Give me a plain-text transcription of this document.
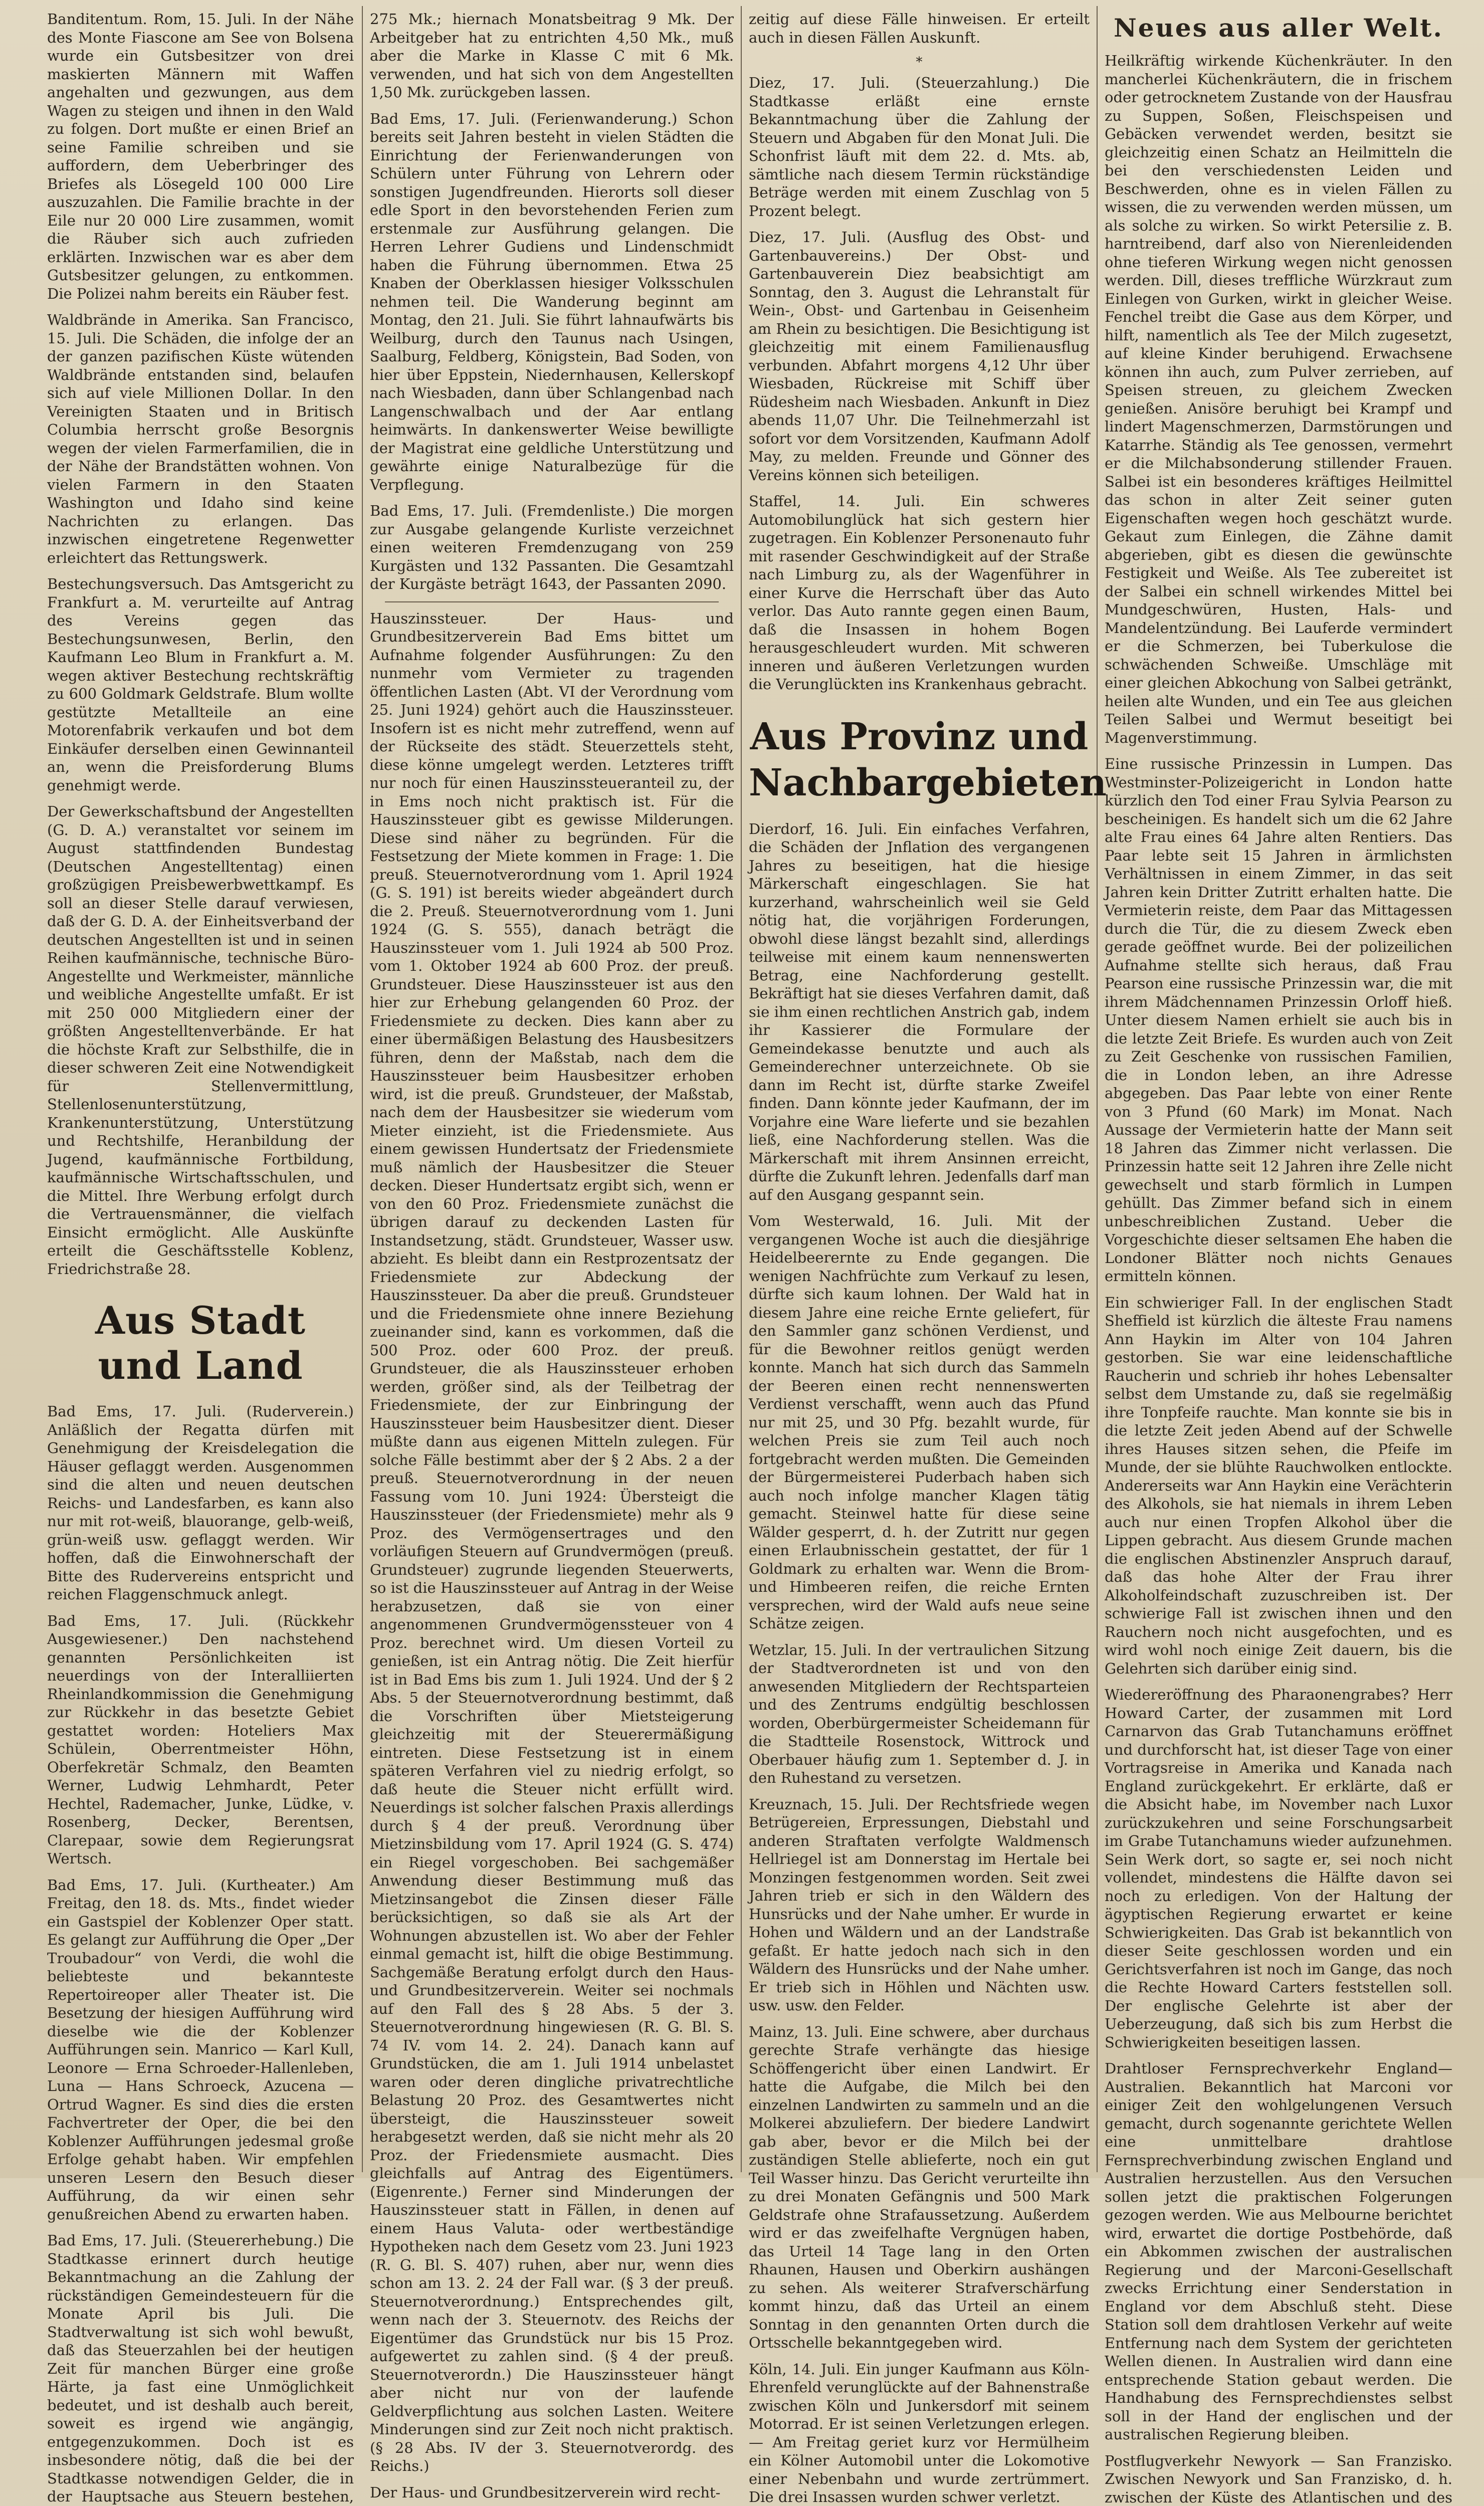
Banditentum. Rom, 15. Juli. In der Nähe des Monte Fiascone am See von Bolsena wurde ein Gutsbesitzer von drei maskierten Männern mit Waffen angehalten und gezwungen, aus dem Wagen zu steigen und ihnen in den Wald zu folgen. Dort mußte er einen Brief an seine Familie schreiben und sie auffordern, dem Ueberbringer des Briefes als Lösegeld 100 000 Lire auszuzahlen. Die Familie brachte in der Eile nur 20 000 Lire zusammen, womit die Räuber sich auch zufrieden erklärten. Inzwischen war es aber dem Gutsbesitzer gelungen, zu entkommen. Die Polizei nahm bereits ein Räuber fest.

Waldbrände in Amerika. San Francisco, 15. Juli. Die Schäden, die infolge der an der ganzen pazifischen Küste wütenden Waldbrände entstanden sind, belaufen sich auf viele Millionen Dollar. In den Vereinigten Staaten und in Britisch Columbia herrscht große Besorgnis wegen der vielen Farmerfamilien, die in der Nähe der Brandstätten wohnen. Von vielen Farmern in den Staaten Washington und Idaho sind keine Nachrichten zu erlangen. Das inzwischen eingetretene Regenwetter erleichtert das Rettungswerk.

Bestechungsversuch. Das Amtsgericht zu Frankfurt a. M. verurteilte auf Antrag des Vereins gegen das Bestechungsunwesen, Berlin, den Kaufmann Leo Blum in Frankfurt a. M. wegen aktiver Bestechung rechtskräftig zu 600 Goldmark Geldstrafe. Blum wollte gestützte Metallteile an eine Motorenfabrik verkaufen und bot dem Einkäufer derselben einen Gewinnanteil an, wenn die Preisforderung Blums genehmigt werde.

Der Gewerkschaftsbund der Angestellten (G. D. A.) veranstaltet vor seinem im August stattfindenden Bundestag (Deutschen Angestelltentag) einen großzügigen Preisbewerbwettkampf. Es soll an dieser Stelle darauf verwiesen, daß der G. D. A. der Einheitsverband der deutschen Angestellten ist und in seinen Reihen kaufmännische, technische Büro-Angestellte und Werkmeister, männliche und weibliche Angestellte umfaßt. Er ist mit 250 000 Mitgliedern einer der größten Angestelltenverbände. Er hat die höchste Kraft zur Selbsthilfe, die in dieser schweren Zeit eine Notwendigkeit für Stellenvermittlung, Stellenlosenunterstützung, Krankenunterstützung, Unterstützung und Rechtshilfe, Heranbildung der Jugend, kaufmännische Fortbildung, kaufmännische Wirtschaftsschulen, und die Mittel. Ihre Werbung erfolgt durch die Vertrauensmänner, die vielfach Einsicht ermöglicht. Alle Auskünfte erteilt die Geschäftsstelle Koblenz, Friedrichstraße 28.

Aus Stadt und Land

Bad Ems, 17. Juli. (Ruderverein.) Anläßlich der Regatta dürfen mit Genehmigung der Kreisdelegation die Häuser geflaggt werden. Ausgenommen sind die alten und neuen deutschen Reichs- und Landesfarben, es kann also nur mit rot-weiß, blauorange, gelb-weiß, grün-weiß usw. geflaggt werden. Wir hoffen, daß die Einwohnerschaft der Bitte des Rudervereins entspricht und reichen Flaggenschmuck anlegt.

Bad Ems, 17. Juli. (Rückkehr Ausgewiesener.) Den nachstehend genannten Persönlichkeiten ist neuerdings von der Interalliierten Rheinlandkommission die Genehmigung zur Rückkehr in das besetzte Gebiet gestattet worden: Hoteliers Max Schülein, Oberrentmeister Höhn, Oberfekretär Schmalz, den Beamten Werner, Ludwig Lehmhardt, Peter Hechtel, Rademacher, Junke, Lüdke, v. Rosenberg, Decker, Berentsen, Clarepaar, sowie dem Regierungsrat Wertsch.

Bad Ems, 17. Juli. (Kurtheater.) Am Freitag, den 18. ds. Mts., findet wieder ein Gastspiel der Koblenzer Oper statt. Es gelangt zur Aufführung die Oper „Der Troubadour“ von Verdi, die wohl die beliebteste und bekannteste Repertoireoper aller Theater ist. Die Besetzung der hiesigen Aufführung wird dieselbe wie die der Koblenzer Aufführungen sein. Manrico — Karl Kull, Leonore — Erna Schroeder-Hallenleben, Luna — Hans Schroeck, Azucena — Ortrud Wagner. Es sind dies die ersten Fachvertreter der Oper, die bei den Koblenzer Aufführungen jedesmal große Erfolge gehabt haben. Wir empfehlen unseren Lesern den Besuch dieser Aufführung, da wir einen sehr genußreichen Abend zu erwarten haben.

Bad Ems, 17. Juli. (Steuererhebung.) Die Stadtkasse erinnert durch heutige Bekanntmachung an die Zahlung der rückständigen Gemeindesteuern für die Monate April bis Juli. Die Stadtverwaltung ist sich wohl bewußt, daß das Steuerzahlen bei der heutigen Zeit für manchen Bürger eine große Härte, ja fast eine Unmöglichkeit bedeutet, und ist deshalb auch bereit, soweit es irgend wie angängig, entgegenzukommen. Doch ist es insbesondere nötig, daß die bei der Stadtkasse notwendigen Gelder, die in der Hauptsache aus Steuern bestehen,

275 Mk.; hiernach Monatsbeitrag 9 Mk. Der Arbeitgeber hat zu entrichten 4,50 Mk., muß aber die Marke in Klasse C mit 6 Mk. verwenden, und hat sich von dem Angestellten 1,50 Mk. zurückgeben lassen.

Bad Ems, 17. Juli. (Ferienwanderung.) Schon bereits seit Jahren besteht in vielen Städten die Einrichtung der Ferienwanderungen von Schülern unter Führung von Lehrern oder sonstigen Jugendfreunden. Hierorts soll dieser edle Sport in den bevorstehenden Ferien zum erstenmale zur Ausführung gelangen. Die Herren Lehrer Gudiens und Lindenschmidt haben die Führung übernommen. Etwa 25 Knaben der Oberklassen hiesiger Volksschulen nehmen teil. Die Wanderung beginnt am Montag, den 21. Juli. Sie führt lahnaufwärts bis Weilburg, durch den Taunus nach Usingen, Saalburg, Feldberg, Königstein, Bad Soden, von hier über Eppstein, Niedernhausen, Kellerskopf nach Wiesbaden, dann über Schlangenbad nach Langenschwalbach und der Aar entlang heimwärts. In dankenswerter Weise bewilligte der Magistrat eine geldliche Unterstützung und gewährte einige Naturalbezüge für die Verpflegung.

Bad Ems, 17. Juli. (Fremdenliste.) Die morgen zur Ausgabe gelangende Kurliste verzeichnet einen weiteren Fremdenzugang von 259 Kurgästen und 132 Passanten. Die Gesamtzahl der Kurgäste beträgt 1643, der Passanten 2090.

Hauszinssteuer. Der Haus- und Grundbesitzerverein Bad Ems bittet um Aufnahme folgender Ausführungen: Zu den nunmehr vom Vermieter zu tragenden öffentlichen Lasten (Abt. VI der Verordnung vom 25. Juni 1924) gehört auch die Hauszinssteuer. Insofern ist es nicht mehr zutreffend, wenn auf der Rückseite des städt. Steuerzettels steht, diese könne umgelegt werden. Letzteres trifft nur noch für einen Hauszinssteueranteil zu, der in Ems noch nicht praktisch ist. Für die Hauszinssteuer gibt es gewisse Milderungen. Diese sind näher zu begründen. Für die Festsetzung der Miete kommen in Frage: 1. Die preuß. Steuernotverordnung vom 1. April 1924 (G. S. 191) ist bereits wieder abgeändert durch die 2. Preuß. Steuernotverordnung vom 1. Juni 1924 (G. S. 555), danach beträgt die Hauszinssteuer vom 1. Juli 1924 ab 500 Proz. vom 1. Oktober 1924 ab 600 Proz. der preuß. Grundsteuer. Diese Hauszinssteuer ist aus den hier zur Erhebung gelangenden 60 Proz. der Friedensmiete zu decken. Dies kann aber zu einer übermäßigen Belastung des Hausbesitzers führen, denn der Maßstab, nach dem die Hauszinssteuer beim Hausbesitzer erhoben wird, ist die preuß. Grundsteuer, der Maßstab, nach dem der Hausbesitzer sie wiederum vom Mieter einzieht, ist die Friedensmiete. Aus einem gewissen Hundertsatz der Friedensmiete muß nämlich der Hausbesitzer die Steuer decken. Dieser Hundertsatz ergibt sich, wenn er von den 60 Proz. Friedensmiete zunächst die übrigen darauf zu deckenden Lasten für Instandsetzung, städt. Grundsteuer, Wasser usw. abzieht. Es bleibt dann ein Restprozentsatz der Friedensmiete zur Abdeckung der Hauszinssteuer. Da aber die preuß. Grundsteuer und die Friedensmiete ohne innere Beziehung zueinander sind, kann es vorkommen, daß die 500 Proz. oder 600 Proz. der preuß. Grundsteuer, die als Hauszinssteuer erhoben werden, größer sind, als der Teilbetrag der Friedensmiete, der zur Einbringung der Hauszinssteuer beim Hausbesitzer dient. Dieser müßte dann aus eigenen Mitteln zulegen. Für solche Fälle bestimmt aber der § 2 Abs. 2 a der preuß. Steuernotverordnung in der neuen Fassung vom 10. Juni 1924: Übersteigt die Hauszinssteuer (der Friedensmiete) mehr als 9 Proz. des Vermögensertrages und den vorläufigen Steuern auf Grundvermögen (preuß. Grundsteuer) zugrunde liegenden Steuerwerts, so ist die Hauszinssteuer auf Antrag in der Weise herabzusetzen, daß sie von einer angenommenen Grundvermögenssteuer von 4 Proz. berechnet wird. Um diesen Vorteil zu genießen, ist ein Antrag nötig. Die Zeit hierfür ist in Bad Ems bis zum 1. Juli 1924. Und der § 2 Abs. 5 der Steuernotverordnung bestimmt, daß die Vorschriften über Mietsteigerung gleichzeitig mit der Steuerermäßigung eintreten. Diese Festsetzung ist in einem späteren Verfahren viel zu niedrig erfolgt, so daß heute die Steuer nicht erfüllt wird. Neuerdings ist solcher falschen Praxis allerdings durch § 4 der preuß. Verordnung über Mietzinsbildung vom 17. April 1924 (G. S. 474) ein Riegel vorgeschoben. Bei sachgemäßer Anwendung dieser Bestimmung muß das Mietzinsangebot die Zinsen dieser Fälle berücksichtigen, so daß sie als Art der Wohnungen abzustellen ist. Wo aber der Fehler einmal gemacht ist, hilft die obige Bestimmung. Sachgemäße Beratung erfolgt durch den Haus- und Grundbesitzerverein. Weiter sei nochmals auf den Fall des § 28 Abs. 5 der 3. Steuernotverordnung hingewiesen (R. G. Bl. S. 74 IV. vom 14. 2. 24). Danach kann auf Grundstücken, die am 1. Juli 1914 unbelastet waren oder deren dingliche privatrechtliche Belastung 20 Proz. des Gesamtwertes nicht übersteigt, die Hauszinssteuer soweit herabgesetzt werden, daß sie nicht mehr als 20 Proz. der Friedensmiete ausmacht. Dies gleichfalls auf Antrag des Eigentümers. (Eigenrente.) Ferner sind Minderungen der Hauszinssteuer statt in Fällen, in denen auf einem Haus Valuta- oder wertbeständige Hypotheken nach dem Gesetz vom 23. Juni 1923 (R. G. Bl. S. 407) ruhen, aber nur, wenn dies schon am 13. 2. 24 der Fall war. (§ 3 der preuß. Steuernotverordnung.) Entsprechendes gilt, wenn nach der 3. Steuernotv. des Reichs der Eigentümer das Grundstück nur bis 15 Proz. aufgewertet zu zahlen sind. (§ 4 der preuß. Steuernotverordn.) Die Hauszinssteuer hängt aber nicht nur von der laufende Geldverpflichtung aus solchen Lasten. Weitere Minderungen sind zur Zeit noch nicht praktisch. (§ 28 Abs. IV der 3. Steuernotverordg. des Reichs.)

Der Haus- und Grundbesitzerverein wird recht-

zeitig auf diese Fälle hinweisen. Er erteilt auch in diesen Fällen Auskunft.

*

Diez, 17. Juli. (Steuerzahlung.) Die Stadtkasse erläßt eine ernste Bekanntmachung über die Zahlung der Steuern und Abgaben für den Monat Juli. Die Schonfrist läuft mit dem 22. d. Mts. ab, sämtliche nach diesem Termin rückständige Beträge werden mit einem Zuschlag von 5 Prozent belegt.

Diez, 17. Juli. (Ausflug des Obst- und Gartenbauvereins.) Der Obst- und Gartenbauverein Diez beabsichtigt am Sonntag, den 3. August die Lehranstalt für Wein-, Obst- und Gartenbau in Geisenheim am Rhein zu besichtigen. Die Besichtigung ist gleichzeitig mit einem Familienausflug verbunden. Abfahrt morgens 4,12 Uhr über Wiesbaden, Rückreise mit Schiff über Rüdesheim nach Wiesbaden. Ankunft in Diez abends 11,07 Uhr. Die Teilnehmerzahl ist sofort vor dem Vorsitzenden, Kaufmann Adolf May, zu melden. Freunde und Gönner des Vereins können sich beteiligen.

Staffel, 14. Juli. Ein schweres Automobilunglück hat sich gestern hier zugetragen. Ein Koblenzer Personenauto fuhr mit rasender Geschwindigkeit auf der Straße nach Limburg zu, als der Wagenführer in einer Kurve die Herrschaft über das Auto verlor. Das Auto rannte gegen einen Baum, daß die Insassen in hohem Bogen herausgeschleudert wurden. Mit schweren inneren und äußeren Verletzungen wurden die Verunglückten ins Krankenhaus gebracht.

Aus Provinz und Nachbargebieten

Dierdorf, 16. Juli. Ein einfaches Verfahren, die Schäden der Jnflation des vergangenen Jahres zu beseitigen, hat die hiesige Märkerschaft eingeschlagen. Sie hat kurzerhand, wahrscheinlich weil sie Geld nötig hat, die vorjährigen Forderungen, obwohl diese längst bezahlt sind, allerdings teilweise mit einem kaum nennenswerten Betrag, eine Nachforderung gestellt. Bekräftigt hat sie dieses Verfahren damit, daß sie ihm einen rechtlichen Anstrich gab, indem ihr Kassierer die Formulare der Gemeindekasse benutzte und auch als Gemeinderechner unterzeichnete. Ob sie dann im Recht ist, dürfte starke Zweifel finden. Dann könnte jeder Kaufmann, der im Vorjahre eine Ware lieferte und sie bezahlen ließ, eine Nachforderung stellen. Was die Märkerschaft mit ihrem Ansinnen erreicht, dürfte die Zukunft lehren. Jedenfalls darf man auf den Ausgang gespannt sein.

Vom Westerwald, 16. Juli. Mit der vergangenen Woche ist auch die diesjährige Heidelbeerernte zu Ende gegangen. Die wenigen Nachfrüchte zum Verkauf zu lesen, dürfte sich kaum lohnen. Der Wald hat in diesem Jahre eine reiche Ernte geliefert, für den Sammler ganz schönen Verdienst, und für die Bewohner reitlos genügt werden konnte. Manch hat sich durch das Sammeln der Beeren einen recht nennenswerten Verdienst verschafft, wenn auch das Pfund nur mit 25, und 30 Pfg. bezahlt wurde, für welchen Preis sie zum Teil auch noch fortgebracht werden mußten. Die Gemeinden der Bürgermeisterei Puderbach haben sich auch noch infolge mancher Klagen tätig gemacht. Steinwel hatte für diese seine Wälder gesperrt, d. h. der Zutritt nur gegen einen Erlaubnisschein gestattet, der für 1 Goldmark zu erhalten war. Wenn die Brom- und Himbeeren reifen, die reiche Ernten versprechen, wird der Wald aufs neue seine Schätze zeigen.

Wetzlar, 15. Juli. In der vertraulichen Sitzung der Stadtverordneten ist und von den anwesenden Mitgliedern der Rechtsparteien und des Zentrums endgültig beschlossen worden, Oberbürgermeister Scheidemann für die Stadtteile Rosenstock, Wittrock und Oberbauer häufig zum 1. September d. J. in den Ruhestand zu versetzen.

Kreuznach, 15. Juli. Der Rechtsfriede wegen Betrügereien, Erpressungen, Diebstahl und anderen Straftaten verfolgte Waldmensch Hellriegel ist am Donnerstag im Hertale bei Monzingen festgenommen worden. Seit zwei Jahren trieb er sich in den Wäldern des Hunsrücks und der Nahe umher. Er wurde in Hohen und Wäldern und an der Landstraße gefaßt. Er hatte jedoch nach sich in den Wäldern des Hunsrücks und der Nahe umher. Er trieb sich in Höhlen und Nächten usw. usw. usw. den Felder.

Mainz, 13. Juli. Eine schwere, aber durchaus gerechte Strafe verhängte das hiesige Schöffengericht über einen Landwirt. Er hatte die Aufgabe, die Milch bei den einzelnen Landwirten zu sammeln und an die Molkerei abzuliefern. Der biedere Landwirt gab aber, bevor er die Milch bei der zuständigen Stelle ablieferte, noch ein gut Teil Wasser hinzu. Das Gericht verurteilte ihn zu drei Monaten Gefängnis und 500 Mark Geldstrafe ohne Strafaussetzung. Außerdem wird er das zweifelhafte Vergnügen haben, das Urteil 14 Tage lang in den Orten Rhaunen, Hausen und Oberkirn aushängen zu sehen. Als weiterer Strafverschärfung kommt hinzu, daß das Urteil an einem Sonntag in den genannten Orten durch die Ortsschelle bekanntgegeben wird.

Köln, 14. Juli. Ein junger Kaufmann aus Köln-Ehrenfeld verunglückte auf der Bahnenstraße zwischen Köln und Junkersdorf mit seinem Motorrad. Er ist seinen Verletzungen erlegen. — Am Freitag geriet kurz vor Hermülheim ein Kölner Automobil unter die Lokomotive einer Nebenbahn und wurde zertrümmert. Die drei Insassen wurden schwer verletzt.

Neues aus aller Welt.

Heilkräftig wirkende Küchenkräuter. In den mancherlei Küchenkräutern, die in frischem oder getrocknetem Zustande von der Hausfrau zu Suppen, Soßen, Fleischspeisen und Gebäcken verwendet werden, besitzt sie gleichzeitig einen Schatz an Heilmitteln die bei den verschiedensten Leiden und Beschwerden, ohne es in vielen Fällen zu wissen, die zu verwenden werden müssen, um als solche zu wirken. So wirkt Petersilie z. B. harntreibend, darf also von Nierenleidenden ohne tieferen Wirkung wegen nicht genossen werden. Dill, dieses treffliche Würzkraut zum Einlegen von Gurken, wirkt in gleicher Weise. Fenchel treibt die Gase aus dem Körper, und hilft, namentlich als Tee der Milch zugesetzt, auf kleine Kinder beruhigend. Erwachsene können ihn auch, zum Pulver zerrieben, auf Speisen streuen, zu gleichem Zwecken genießen. Anisöre beruhigt bei Krampf und lindert Magenschmerzen, Darmstörungen und Katarrhe. Ständig als Tee genossen, vermehrt er die Milchabsonderung stillender Frauen. Salbei ist ein besonderes kräftiges Heilmittel das schon in alter Zeit seiner guten Eigenschaften wegen hoch geschätzt wurde. Gekaut zum Einlegen, die Zähne damit abgerieben, gibt es diesen die gewünschte Festigkeit und Weiße. Als Tee zubereitet ist der Salbei ein schnell wirkendes Mittel bei Mundgeschwüren, Husten, Hals- und Mandelentzündung. Bei Lauferde vermindert er die Schmerzen, bei Tuberkulose die schwächenden Schweiße. Umschläge mit einer gleichen Abkochung von Salbei getränkt, heilen alte Wunden, und ein Tee aus gleichen Teilen Salbei und Wermut beseitigt bei Magenverstimmung.

Eine russische Prinzessin in Lumpen. Das Westminster-Polizeigericht in London hatte kürzlich den Tod einer Frau Sylvia Pearson zu bescheinigen. Es handelt sich um die 62 Jahre alte Frau eines 64 Jahre alten Rentiers. Das Paar lebte seit 15 Jahren in ärmlichsten Verhältnissen in einem Zimmer, in das seit Jahren kein Dritter Zutritt erhalten hatte. Die Vermieterin reiste, dem Paar das Mittagessen durch die Tür, die zu diesem Zweck eben gerade geöffnet wurde. Bei der polizeilichen Aufnahme stellte sich heraus, daß Frau Pearson eine russische Prinzessin war, die mit ihrem Mädchennamen Prinzessin Orloff hieß. Unter diesem Namen erhielt sie auch bis in die letzte Zeit Briefe. Es wurden auch von Zeit zu Zeit Geschenke von russischen Familien, die in London leben, an ihre Adresse abgegeben. Das Paar lebte von einer Rente von 3 Pfund (60 Mark) im Monat. Nach Aussage der Vermieterin hatte der Mann seit 18 Jahren das Zimmer nicht verlassen. Die Prinzessin hatte seit 12 Jahren ihre Zelle nicht gewechselt und starb förmlich in Lumpen gehüllt. Das Zimmer befand sich in einem unbeschreiblichen Zustand. Ueber die Vorgeschichte dieser seltsamen Ehe haben die Londoner Blätter noch nichts Genaues ermitteln können.

Ein schwieriger Fall. In der englischen Stadt Sheffield ist kürzlich die älteste Frau namens Ann Haykin im Alter von 104 Jahren gestorben. Sie war eine leidenschaftliche Raucherin und schrieb ihr hohes Lebensalter selbst dem Umstande zu, daß sie regelmäßig ihre Tonpfeife rauchte. Man konnte sie bis in die letzte Zeit jeden Abend auf der Schwelle ihres Hauses sitzen sehen, die Pfeife im Munde, der sie blühte Rauchwolken entlockte. Andererseits war Ann Haykin eine Verächterin des Alkohols, sie hat niemals in ihrem Leben auch nur einen Tropfen Alkohol über die Lippen gebracht. Aus diesem Grunde machen die englischen Abstinenzler Anspruch darauf, daß das hohe Alter der Frau ihrer Alkoholfeindschaft zuzuschreiben ist. Der schwierige Fall ist zwischen ihnen und den Rauchern noch nicht ausgefochten, und es wird wohl noch einige Zeit dauern, bis die Gelehrten sich darüber einig sind.

Wiedereröffnung des Pharaonengrabes? Herr Howard Carter, der zusammen mit Lord Carnarvon das Grab Tutanchamuns eröffnet und durchforscht hat, ist dieser Tage von einer Vortragsreise in Amerika und Kanada nach England zurückgekehrt. Er erklärte, daß er die Absicht habe, im November nach Luxor zurückzukehren und seine Forschungsarbeit im Grabe Tutanchamuns wieder aufzunehmen. Sein Werk dort, so sagte er, sei noch nicht vollendet, mindestens die Hälfte davon sei noch zu erledigen. Von der Haltung der ägyptischen Regierung erwartet er keine Schwierigkeiten. Das Grab ist bekanntlich von dieser Seite geschlossen worden und ein Gerichtsverfahren ist noch im Gange, das noch die Rechte Howard Carters feststellen soll. Der englische Gelehrte ist aber der Ueberzeugung, daß sich bis zum Herbst die Schwierigkeiten beseitigen lassen.

Drahtloser Fernsprechverkehr England—Australien. Bekanntlich hat Marconi vor einiger Zeit den wohlgelungenen Versuch gemacht, durch sogenannte gerichtete Wellen eine unmittelbare drahtlose Fernsprechverbindung zwischen England und Australien herzustellen. Aus den Versuchen sollen jetzt die praktischen Folgerungen gezogen werden. Wie aus Melbourne berichtet wird, erwartet die dortige Postbehörde, daß ein Abkommen zwischen der australischen Regierung und der Marconi-Gesellschaft zwecks Errichtung einer Senderstation in England vor dem Abschluß steht. Diese Station soll dem drahtlosen Verkehr auf weite Entfernung nach dem System der gerichteten Wellen dienen. In Australien wird dann eine entsprechende Station gebaut werden. Die Handhabung des Fernsprechdienstes selbst soll in der Hand der englischen und der australischen Regierung bleiben.

Postflugverkehr Newyork — San Franzisko. Zwischen Newyork und San Franzisko, d. h. zwischen der Küste des Atlantischen und des
